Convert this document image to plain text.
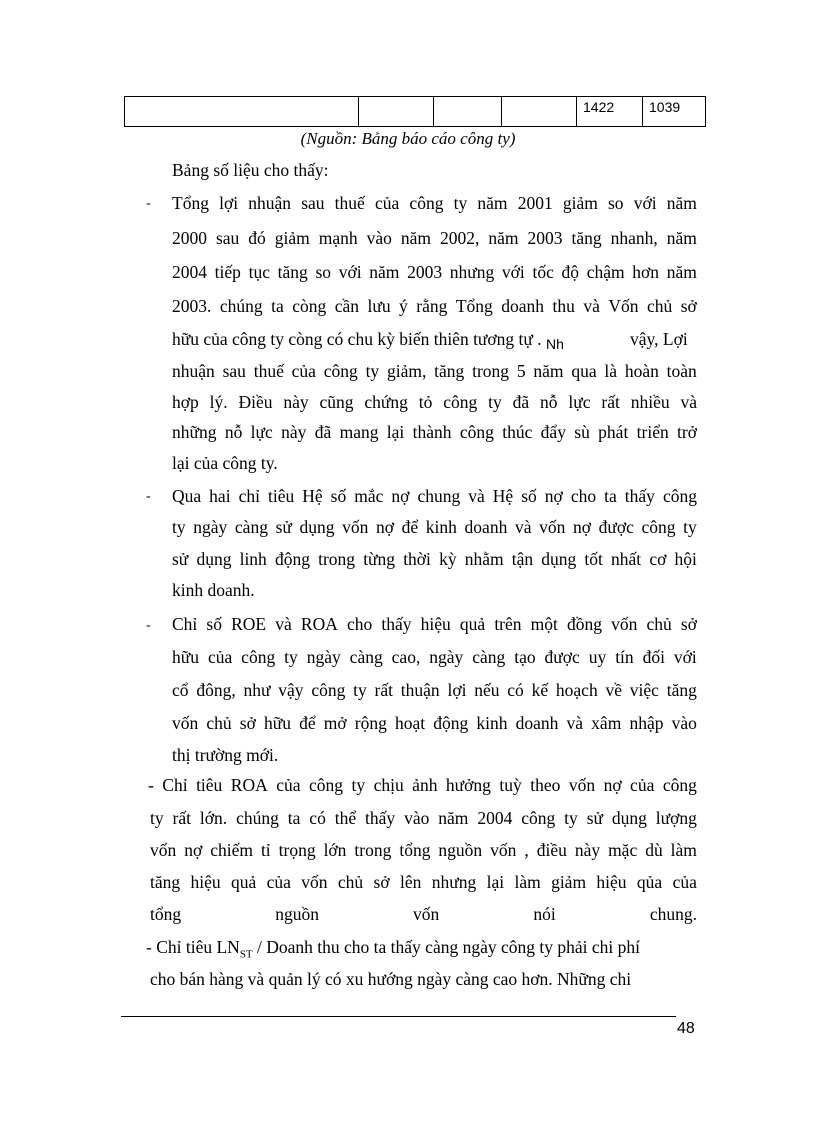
1422	1039
(Nguồn: Bảng báo cáo công ty)
Bảng số liệu cho thấy:
- Tổng lợi nhuận sau thuế của công ty năm 2001 giảm so với năm
2000 sau đó giảm mạnh vào năm 2002, năm 2003 tăng nhanh, năm
2004 tiếp tục tăng so với năm 2003 nhưng với tốc độ chậm hơn năm
2003. chúng ta còng cần lưu ý rằng Tổng doanh thu và Vốn chủ sở
hữu của công ty còng có chu kỳ biến thiên tương tự . $_{Nh}$	vậy, Lợi
nhuận sau thuế của công ty giảm, tăng trong 5 năm qua là hoàn toàn
hợp lý. Điều này cũng chứng tỏ công ty đã nỗ lực rất nhiều và
những nỗ lực này đã mang lại thành công thúc đẩy sù phát triển trở
lại của công ty.
- Qua hai chỉ tiêu Hệ số mắc nợ chung và Hệ số nợ cho ta thấy công
ty ngày càng sử dụng vốn nợ để kinh doanh và vốn nợ được công ty
sử dụng linh động trong từng thời kỳ nhằm tận dụng tốt nhất cơ hội
kinh doanh.
- Chỉ số ROE và ROA cho thấy hiệu quả trên một đồng vốn chủ sở
hữu của công ty ngày càng cao, ngày càng tạo được uy tín đối với
cổ đông, như vậy công ty rất thuận lợi nếu có kế hoạch về việc tăng
vốn chủ sở hữu để mở rộng hoạt động kinh doanh và xâm nhập vào
thị trường mới.
- Chỉ tiêu ROA của công ty chịu ảnh hưởng tuỳ theo vốn nợ của công
ty rất lớn. chúng ta có thể thấy vào năm 2004 công ty sử dụng lượng
vốn nợ chiếm tỉ trọng lớn trong tổng nguồn vốn , điều này mặc dù làm
tăng hiệu quả của vốn chủ sở lên nhưng lại làm giảm hiệu qủa của
tổng	nguồn	vốn	nói	chung.
- Chỉ tiêu $LN_{ST}$ / Doanh thu cho ta thấy càng ngày công ty phải chi phí
cho bán hàng và quản lý có xu hướng ngày càng cao hơn. Những chi
48
